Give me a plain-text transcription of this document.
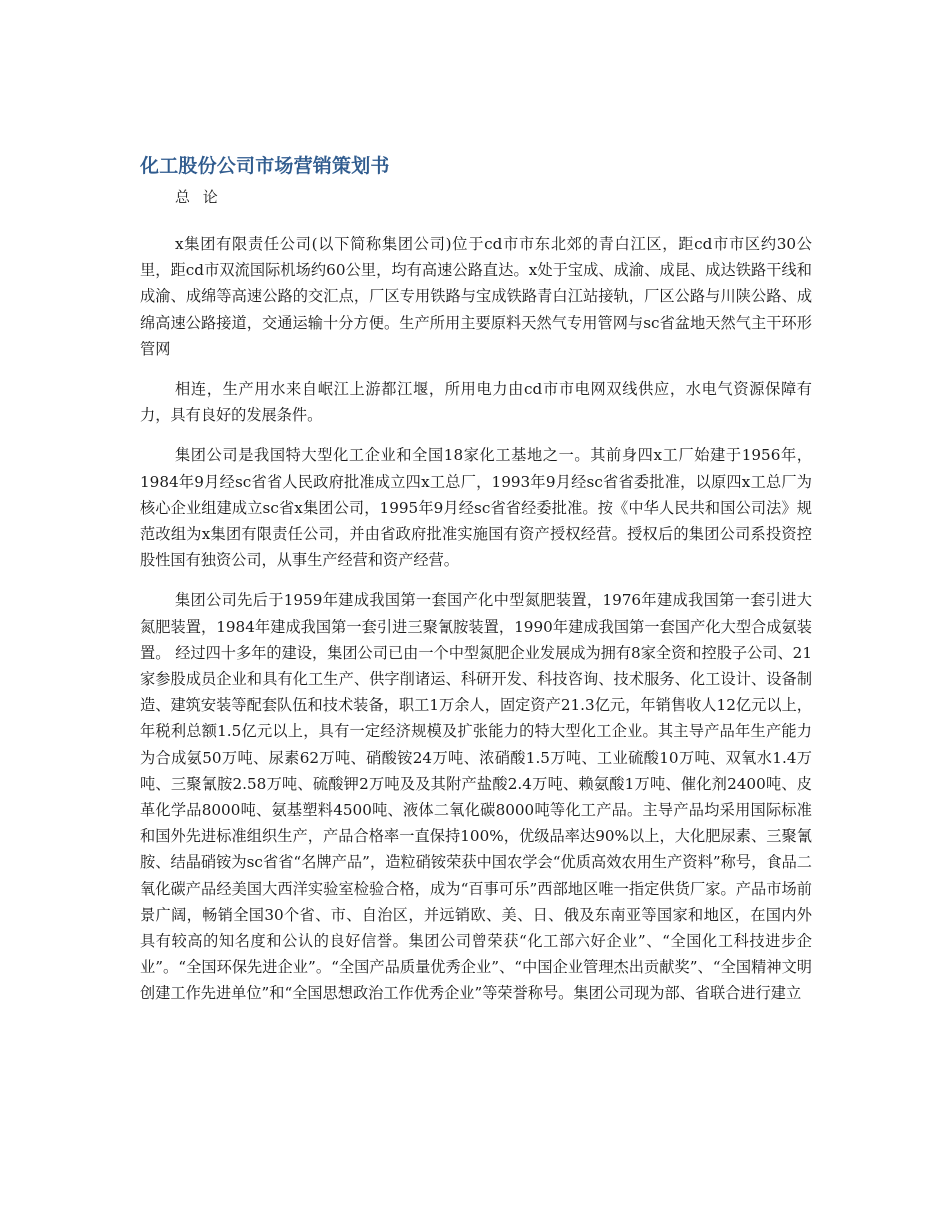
化工股份公司市场营销策划书
总 论

x集团有限责任公司(以下简称集团公司)位于cd市市东北郊的青白江区，距cd市市区约30公里，距cd市双流国际机场约60公里，均有高速公路直达。x处于宝成、成渝、成昆、成达铁路干线和成渝、成绵等高速公路的交汇点，厂区专用铁路与宝成铁路青白江站接轨，厂区公路与川陕公路、成绵高速公路接道，交通运输十分方便。生产所用主要原料天然气专用管网与sc省盆地天然气主干环形管网

相连，生产用水来自岷江上游都江堰，所用电力由cd市市电网双线供应，水电气资源保障有力，具有良好的发展条件。

集团公司是我国特大型化工企业和全国18家化工基地之一。其前身四x工厂始建于1956年，1984年9月经sc省省人民政府批准成立四x工总厂，1993年9月经sc省省委批准，以原四x工总厂为核心企业组建成立sc省x集团公司，1995年9月经sc省省经委批准。按《中华人民共和国公司法》规范改组为x集团有限责任公司，并由省政府批准实施国有资产授权经营。授权后的集团公司系投资控股性国有独资公司，从事生产经营和资产经营。

集团公司先后于1959年建成我国第一套国产化中型氮肥装置，1976年建成我国第一套引进大氮肥装置，1984年建成我国第一套引进三聚氰胺装置，1990年建成我国第一套国产化大型合成氨装置。 经过四十多年的建设，集团公司已由一个中型氮肥企业发展成为拥有8家全资和控股子公司、21家参股成员企业和具有化工生产、供字削诸运、科研开发、科技咨询、技术服务、化工设计、设备制造、建筑安装等配套队伍和技术装备，职工1万余人，固定资产21.3亿元，年销售收人12亿元以上，年税利总额1.5亿元以上，具有一定经济规模及扩张能力的特大型化工企业。其主导产品年生产能力为合成氨50万吨、尿素62万吨、硝酸铵24万吨、浓硝酸1.5万吨、工业硫酸10万吨、双氧水1.4万吨、三聚氰胺2.58万吨、硫酸钾2万吨及及其附产盐酸2.4万吨、赖氨酸1万吨、催化剂2400吨、皮革化学品8000吨、氨基塑料4500吨、液体二氧化碳8000吨等化工产品。主导产品均采用国际标准和国外先进标准组织生产，产品合格率一直保持100%，优级品率达90%以上，大化肥尿素、三聚氰胺、结晶硝铵为sc省省“名牌产品”，造粒硝铵荣获中国农学会“优质高效农用生产资料”称号，食品二氧化碳产品经美国大西洋实验室检验合格，成为“百事可乐”西部地区唯一指定供货厂家。产品市场前景广阔，畅销全国30个省、市、自治区，并远销欧、美、日、俄及东南亚等国家和地区，在国内外具有较高的知名度和公认的良好信誉。集团公司曾荣获“化工部六好企业”、“全国化工科技进步企业”。“全国环保先进企业”。“全国产品质量优秀企业”、“中国企业管理杰出贡献奖”、“全国精神文明创建工作先进单位”和“全国思想政治工作优秀企业”等荣誉称号。集团公司现为部、省联合进行建立
